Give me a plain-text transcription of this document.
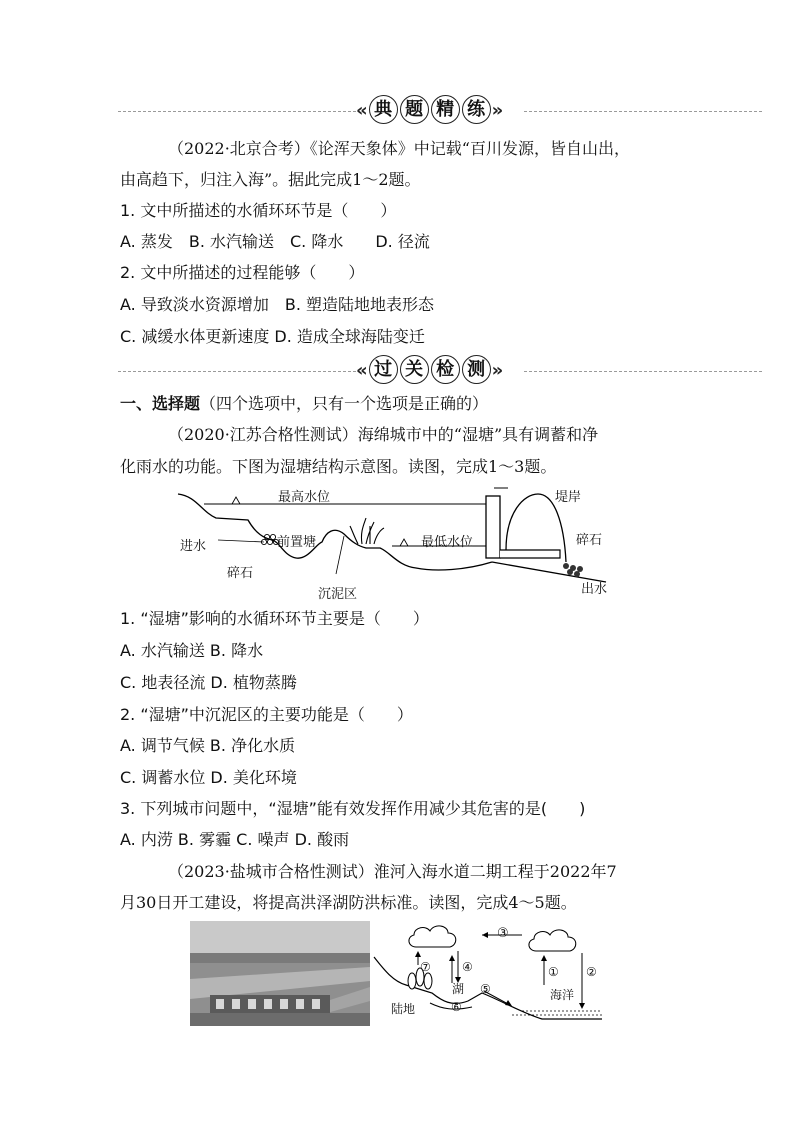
« 典 题 精 练 »
（2022·北京合考）《论浑天象体》中记载“百川发源，皆自山出，
由高趋下，归注入海”。据此完成1～2题。
1. 文中所描述的水循环环节是（　　）
A. 蒸发　B. 水汽输送　C. 降水　　D. 径流
2. 文中所描述的过程能够（　　）
A. 导致淡水资源增加　B. 塑造陆地地表形态
C. 减缓水体更新速度 D. 造成全球海陆变迁
« 过 关 检 测 »
一、选择题（四个选项中，只有一个选项是正确的）
（2020·江苏合格性测试）海绵城市中的“湿塘”具有调蓄和净
化雨水的功能。下图为湿塘结构示意图。读图，完成1～3题。
最高水位	堤岸
前置塘	最低水位
进水	碎石
碎石
沉泥区	出水
1. “湿塘”影响的水循环环节主要是（　　）
A. 水汽输送 B. 降水
C. 地表径流 D. 植物蒸腾
2. “湿塘”中沉泥区的主要功能是（　　）
A. 调节气候 B. 净化水质
C. 调蓄水位 D. 美化环境
3. 下列城市问题中，“湿塘”能有效发挥作用减少其危害的是(　　)
A. 内涝 B. 雾霾 C. 噪声 D. 酸雨
（2023·盐城市合格性测试）淮河入海水道二期工程于2022年7
月30日开工建设，将提高洪泽湖防洪标准。读图，完成4～5题。
③
⑦	④	① ②
湖 ⑤	海洋
陆地	⑥
